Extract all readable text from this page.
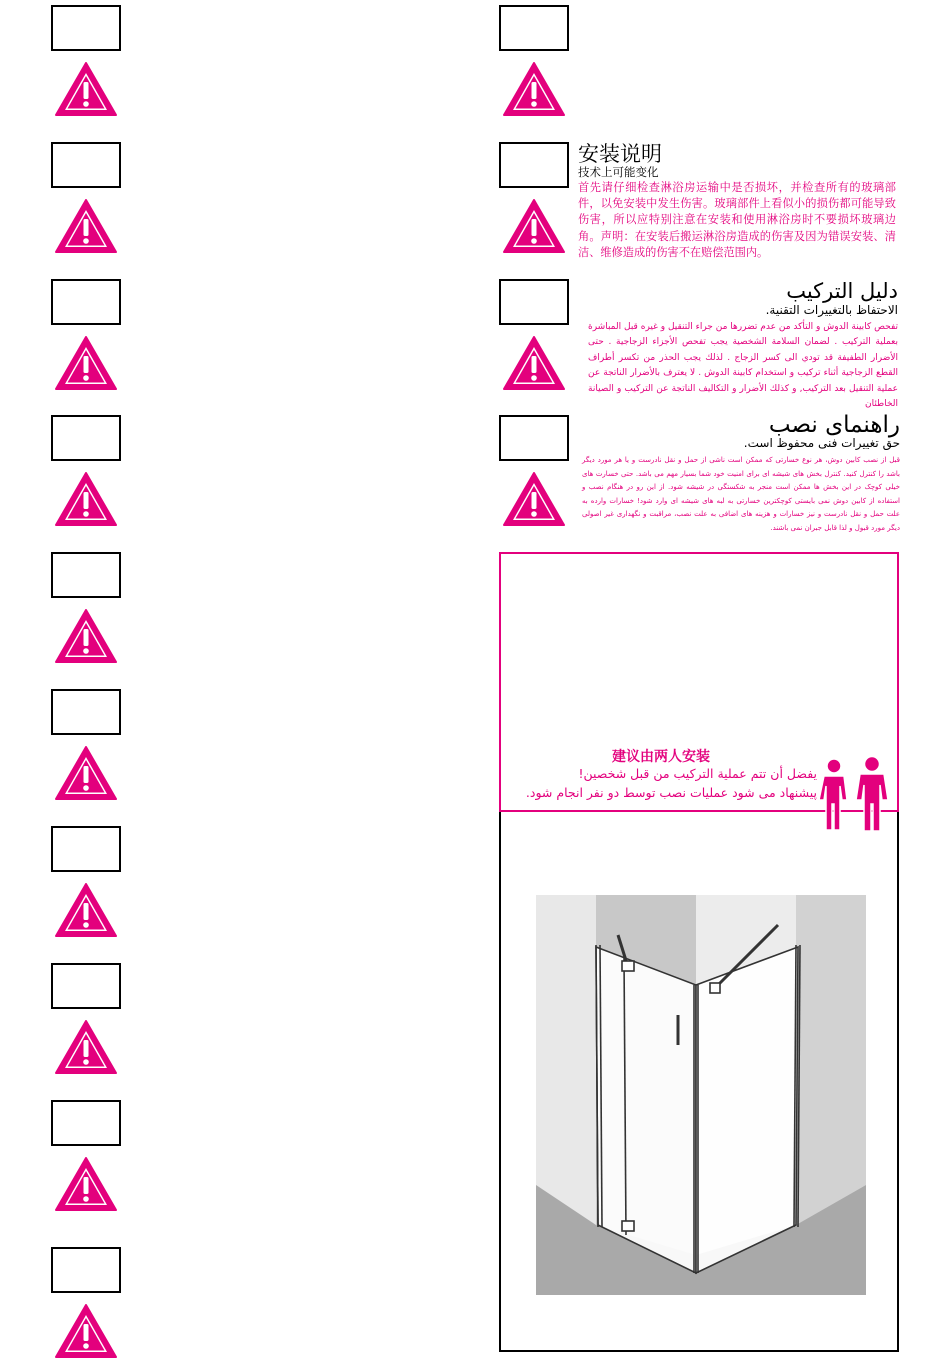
安装说明
技术上可能变化
首先请仔细检查淋浴房运输中是否损坏，并检查所有的玻璃部件，以免安装中发生伤害。玻璃部件上看似小的损伤都可能导致伤害，所以应特别注意在安装和使用淋浴房时不要损坏玻璃边角。声明：在安装后搬运淋浴房造成的伤害及因为错误安装、清洁、维修造成的伤害不在赔偿范围内。
دليل التركيب
الاحتفاظ بالتغييرات التقنية.
تفحص كابينة الدوش و التأكد من عدم تضررها من جراء التنقيل و غيره قبل المباشرة بعملية التركيب . لضمان السلامة الشخصية يجب تفحص الأجزاء الزجاجية . حتى الأضرار الطفيفة قد تودي الى كسر الزجاج . لذلك يجب الحذر من تكسر أطراف القطع الزجاجية أثناء تركيب و استخدام كابينة الدوش . لا يعترف بالأضرار الناتجة عن عملية التنقيل بعد التركيب, و كذلك الأضرار و التكاليف الناتجة عن التركيب و الصيانة الخاطئان
راهنمای نصب
حق تغییرات فنی محفوظ است.
قبل از نصب کابین دوش، هر نوع خسارتی که ممکن است ناشی از حمل و نقل نادرست و یا هر مورد دیگر باشد را کنترل کنید. کنترل بخش های شیشه ای برای امنیت خود شما بسیار مهم می باشد. حتی خسارت های خیلی کوچک در این بخش ها ممکن است منجر به شکستگی در شیشه شود. از این رو در هنگام نصب و استفاده از کابین دوش نمی بایستی کوچکترین خسارتی به لبه های شیشه ای وارد شود! خسارات وارده به علت حمل و نقل نادرست و نیز خسارات و هزینه های اضافی به علت نصب، مراقبت و نگهداری غیر اصولی دیگر مورد قبول و لذا قابل جبران نمی باشند.
建议由两人安装
يفضل أن تتم عملية التركيب من قبل شخصين!
پیشنهاد می شود عملیات نصب توسط دو نفر انجام شود.
